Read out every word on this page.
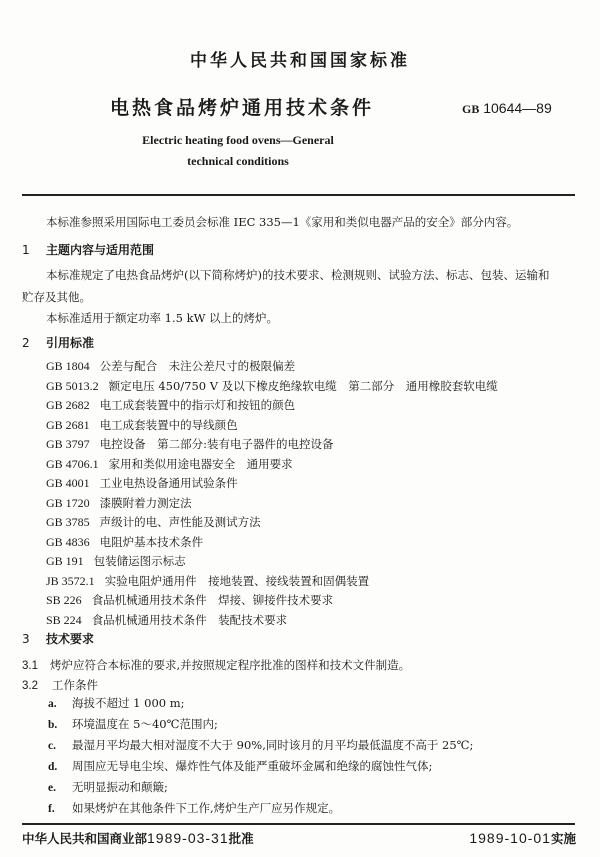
中华人民共和国国家标准
电热食品烤炉通用技术条件	GB 10644—89
Electric heating food ovens—General
technical conditions
本标准参照采用国际电工委员会标准 IEC 335—1《家用和类似电器产品的安全》部分内容。
1 主题内容与适用范围
本标准规定了电热食品烤炉(以下简称烤炉)的技术要求、检测规则、试验方法、标志、包装、运输和
贮存及其他。
本标准适用于额定功率 1.5 kW 以上的烤炉。
2 引用标准
GB 1804 公差与配合　未注公差尺寸的极限偏差
GB 5013.2 额定电压 450/750 V 及以下橡皮绝缘软电缆　第二部分　通用橡胶套软电缆
GB 2682 电工成套装置中的指示灯和按钮的颜色
GB 2681 电工成套装置中的导线颜色
GB 3797 电控设备　第二部分:装有电子器件的电控设备
GB 4706.1 家用和类似用途电器安全　通用要求
GB 4001 工业电热设备通用试验条件
GB 1720 漆膜附着力测定法
GB 3785 声级计的电、声性能及测试方法
GB 4836 电阻炉基本技术条件
GB 191 包装储运图示标志
JB 3572.1 实验电阻炉通用件　接地装置、接线装置和固偶装置
SB 226 食品机械通用技术条件　焊接、铆接件技术要求
SB 224 食品机械通用技术条件　装配技术要求
3 技术要求
3.1 烤炉应符合本标准的要求,并按照规定程序批准的图样和技术文件制造。
3.2 工作条件
a. 海拔不超过 1 000 m;
b. 环境温度在 5～40℃范围内;
c. 最湿月平均最大相对湿度不大于 90%,同时该月的月平均最低温度不高于 25℃;
d. 周围应无导电尘埃、爆炸性气体及能严重破坏金属和绝缘的腐蚀性气体;
e. 无明显振动和颠簸;
f. 如果烤炉在其他条件下工作,烤炉生产厂应另作规定。
中华人民共和国商业部1989-03-31批准	1989-10-01实施
